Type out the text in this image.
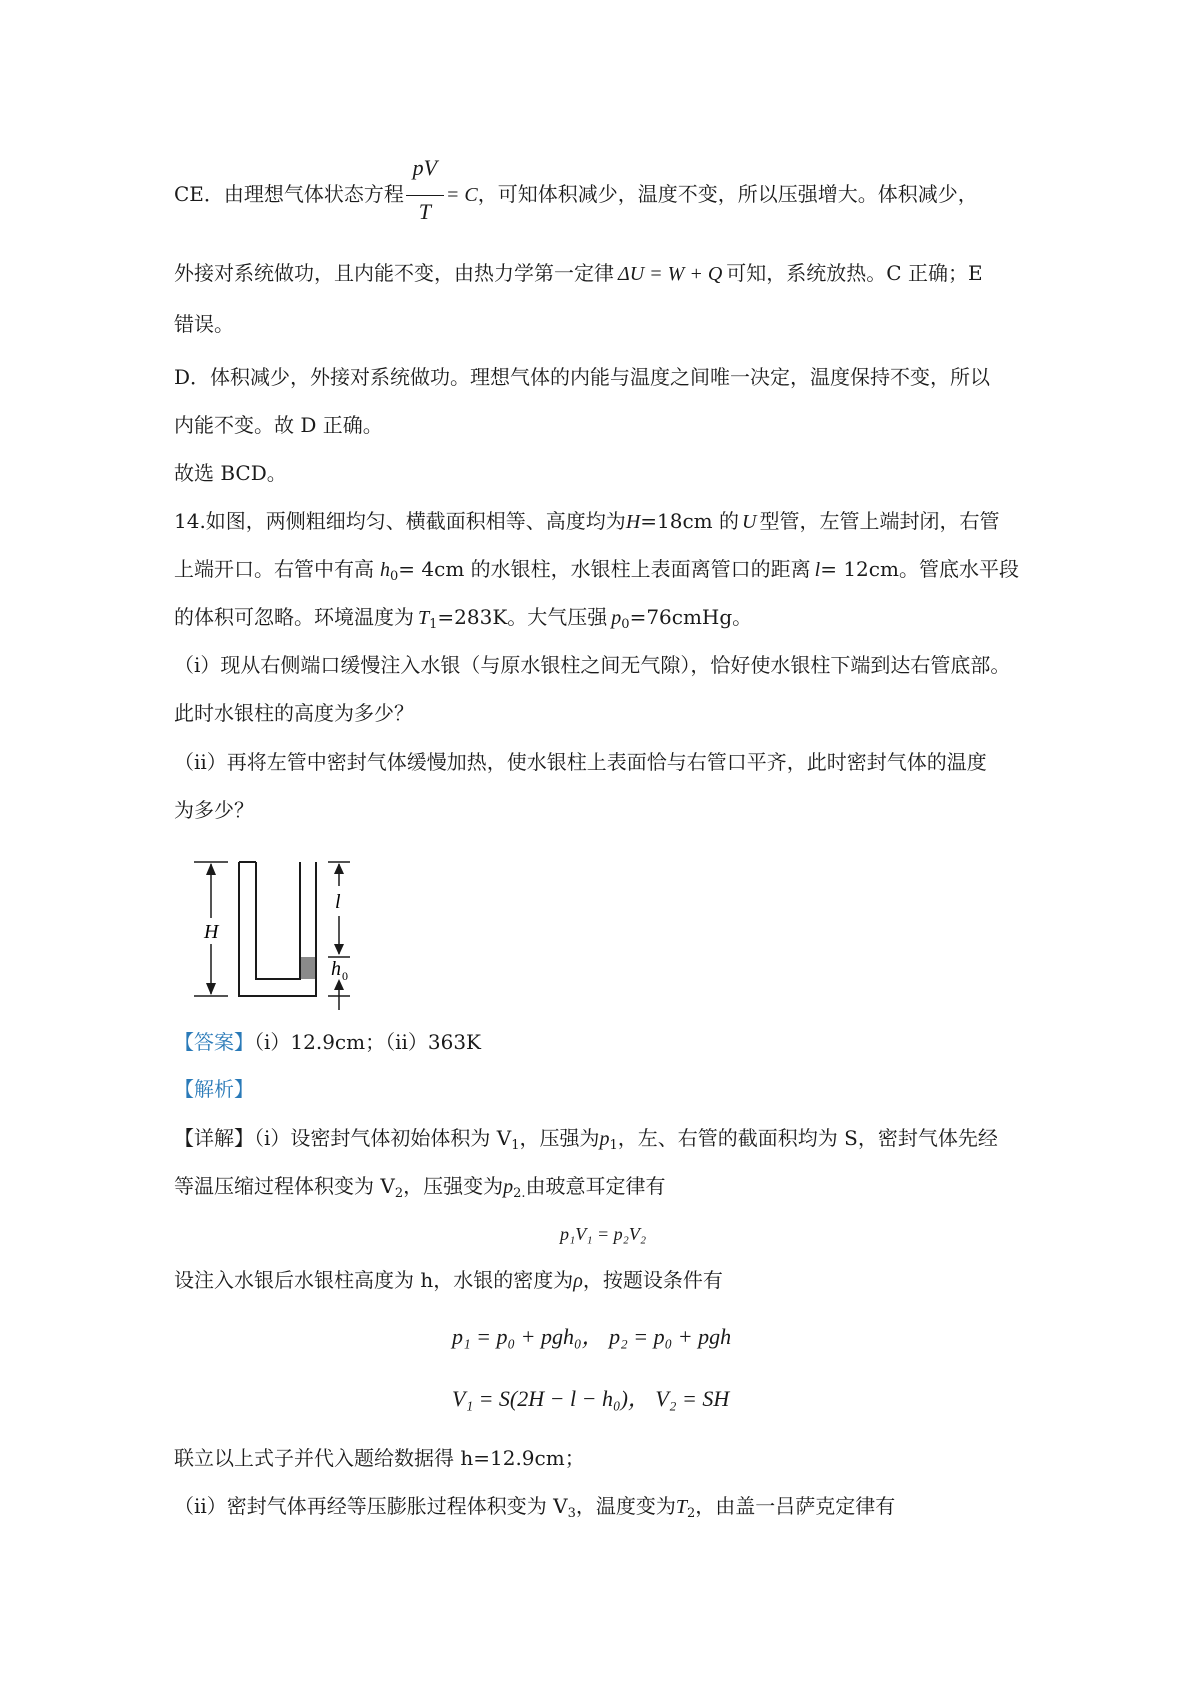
CE．由理想气体状态方程 $\frac{pV}{T} = C$，可知体积减少，温度不变，所以压强增大。体积减少，
外接对系统做功，且内能不变，由热力学第一定律 ΔU = W + Q 可知，系统放热。C 正确；E
错误。
D．体积减少，外接对系统做功。理想气体的内能与温度之间唯一决定，温度保持不变，所以
内能不变。故 D 正确。
故选 BCD。
14.如图，两侧粗细均匀、横截面积相等、高度均为H=18cm 的 U 型管，左管上端封闭，右管
上端开口。右管中有高 $h_0= 4cm$ 的水银柱，水银柱上表面离管口的距离 l= 12cm。管底水平段
的体积可忽略。环境温度为 $T_1=283K$。大气压强 $p_0=76cmHg$。
（i）现从右侧端口缓慢注入水银（与原水银柱之间无气隙），恰好使水银柱下端到达右管底部。
此时水银柱的高度为多少？
（ii）再将左管中密封气体缓慢加热，使水银柱上表面恰与右管口平齐，此时密封气体的温度
为多少？
H
l
h 0
【答案】（i）12.9cm；（ii）363K
【解析】
【详解】（i）设密封气体初始体积为 $V_1$，压强为$p_1$，左、右管的截面积均为 S，密封气体先经
等温压缩过程体积变为 $V_2$，压强变为$p_{2.}$由玻意耳定律有
p₁V₁ = p₂V₂
设注入水银后水银柱高度为 h，水银的密度为ρ，按题设条件有
p₁ = p₀ + pgh₀， p₂ = p₀ + pgh
V₁ = S(2H − l − h₀)， V₂ = SH
联立以上式子并代入题给数据得 h=12.9cm；
（ii）密封气体再经等压膨胀过程体积变为 $V_3$，温度变为$T_2$，由盖一吕萨克定律有
